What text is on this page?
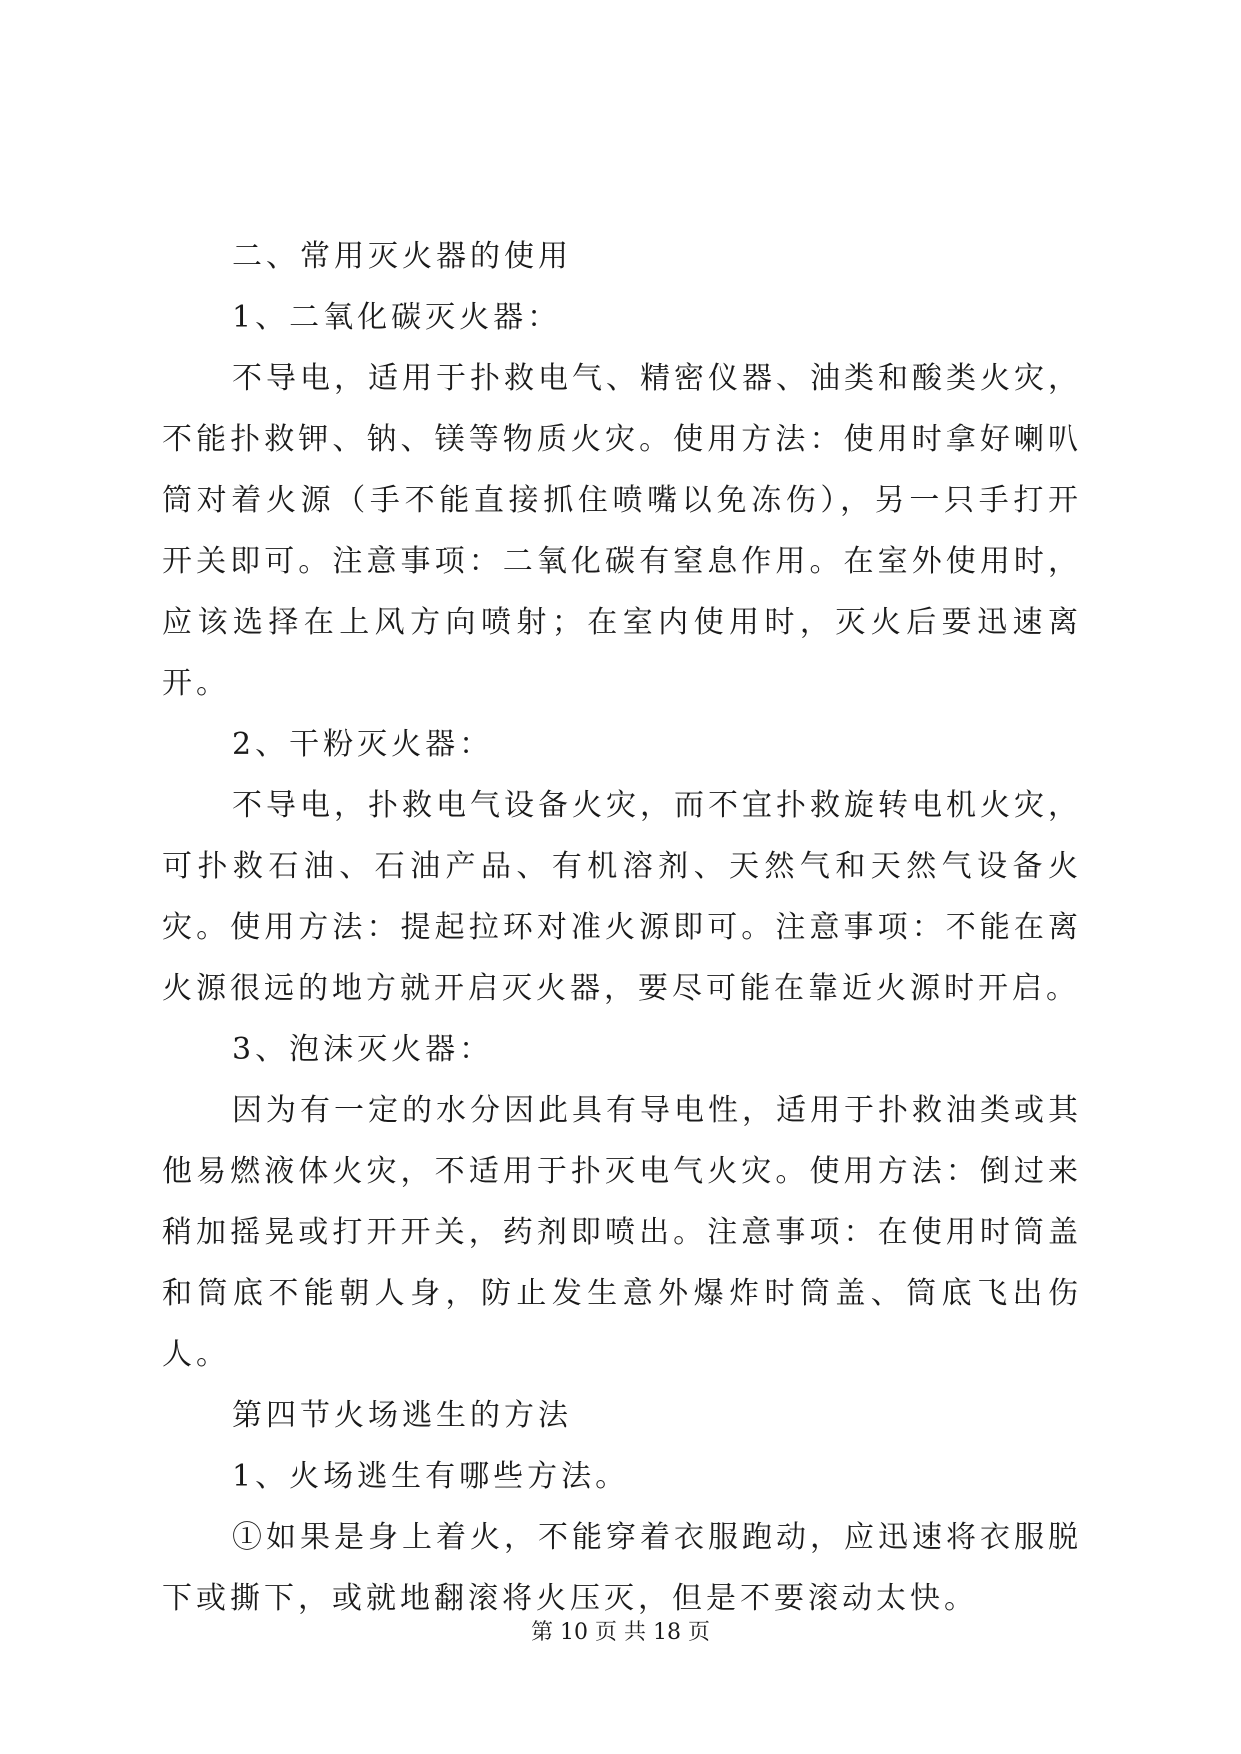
二、常用灭火器的使用

1、二氧化碳灭火器：

不导电，适用于扑救电气、精密仪器、油类和酸类火灾，不能扑救钾、钠、镁等物质火灾。使用方法：使用时拿好喇叭筒对着火源（手不能直接抓住喷嘴以免冻伤），另一只手打开开关即可。注意事项：二氧化碳有窒息作用。在室外使用时，应该选择在上风方向喷射；在室内使用时，灭火后要迅速离开。

2、干粉灭火器：

不导电，扑救电气设备火灾，而不宜扑救旋转电机火灾，可扑救石油、石油产品、有机溶剂、天然气和天然气设备火灾。使用方法：提起拉环对准火源即可。注意事项：不能在离火源很远的地方就开启灭火器，要尽可能在靠近火源时开启。

3、泡沫灭火器：

因为有一定的水分因此具有导电性，适用于扑救油类或其他易燃液体火灾，不适用于扑灭电气火灾。使用方法：倒过来稍加摇晃或打开开关，药剂即喷出。注意事项：在使用时筒盖和筒底不能朝人身，防止发生意外爆炸时筒盖、筒底飞出伤人。

第四节火场逃生的方法

1、火场逃生有哪些方法。

①如果是身上着火，不能穿着衣服跑动，应迅速将衣服脱下或撕下，或就地翻滚将火压灭，但是不要滚动太快。

第 10 页 共 18 页
